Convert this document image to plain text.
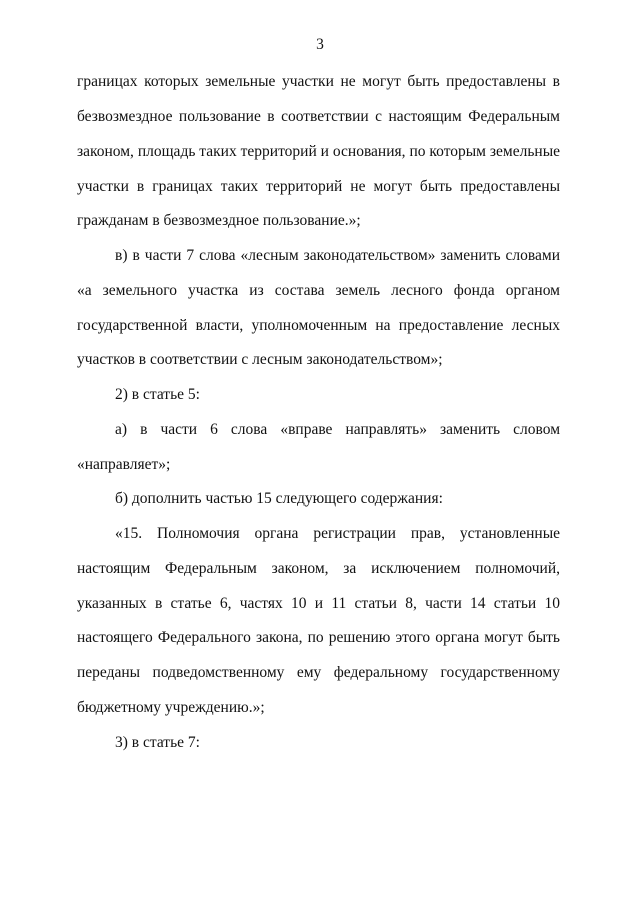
3
границах которых земельные участки не могут быть предоставлены в
безвозмездное пользование в соответствии с настоящим Федеральным
законом, площадь таких территорий и основания, по которым земельные
участки в границах таких территорий не могут быть предоставлены
гражданам в безвозмездное пользование.»;
в) в части 7 слова «лесным законодательством» заменить словами
«а земельного участка из состава земель лесного фонда органом
государственной власти, уполномоченным на предоставление лесных
участков в соответствии с лесным законодательством»;
2) в статье 5:
а) в части 6 слова «вправе направлять» заменить словом
«направляет»;
б) дополнить частью 15 следующего содержания:
«15. Полномочия органа регистрации прав, установленные
настоящим Федеральным законом, за исключением полномочий,
указанных в статье 6, частях 10 и 11 статьи 8, части 14 статьи 10
настоящего Федерального закона, по решению этого органа могут быть
переданы подведомственному ему федеральному государственному
бюджетному учреждению.»;
3) в статье 7:
